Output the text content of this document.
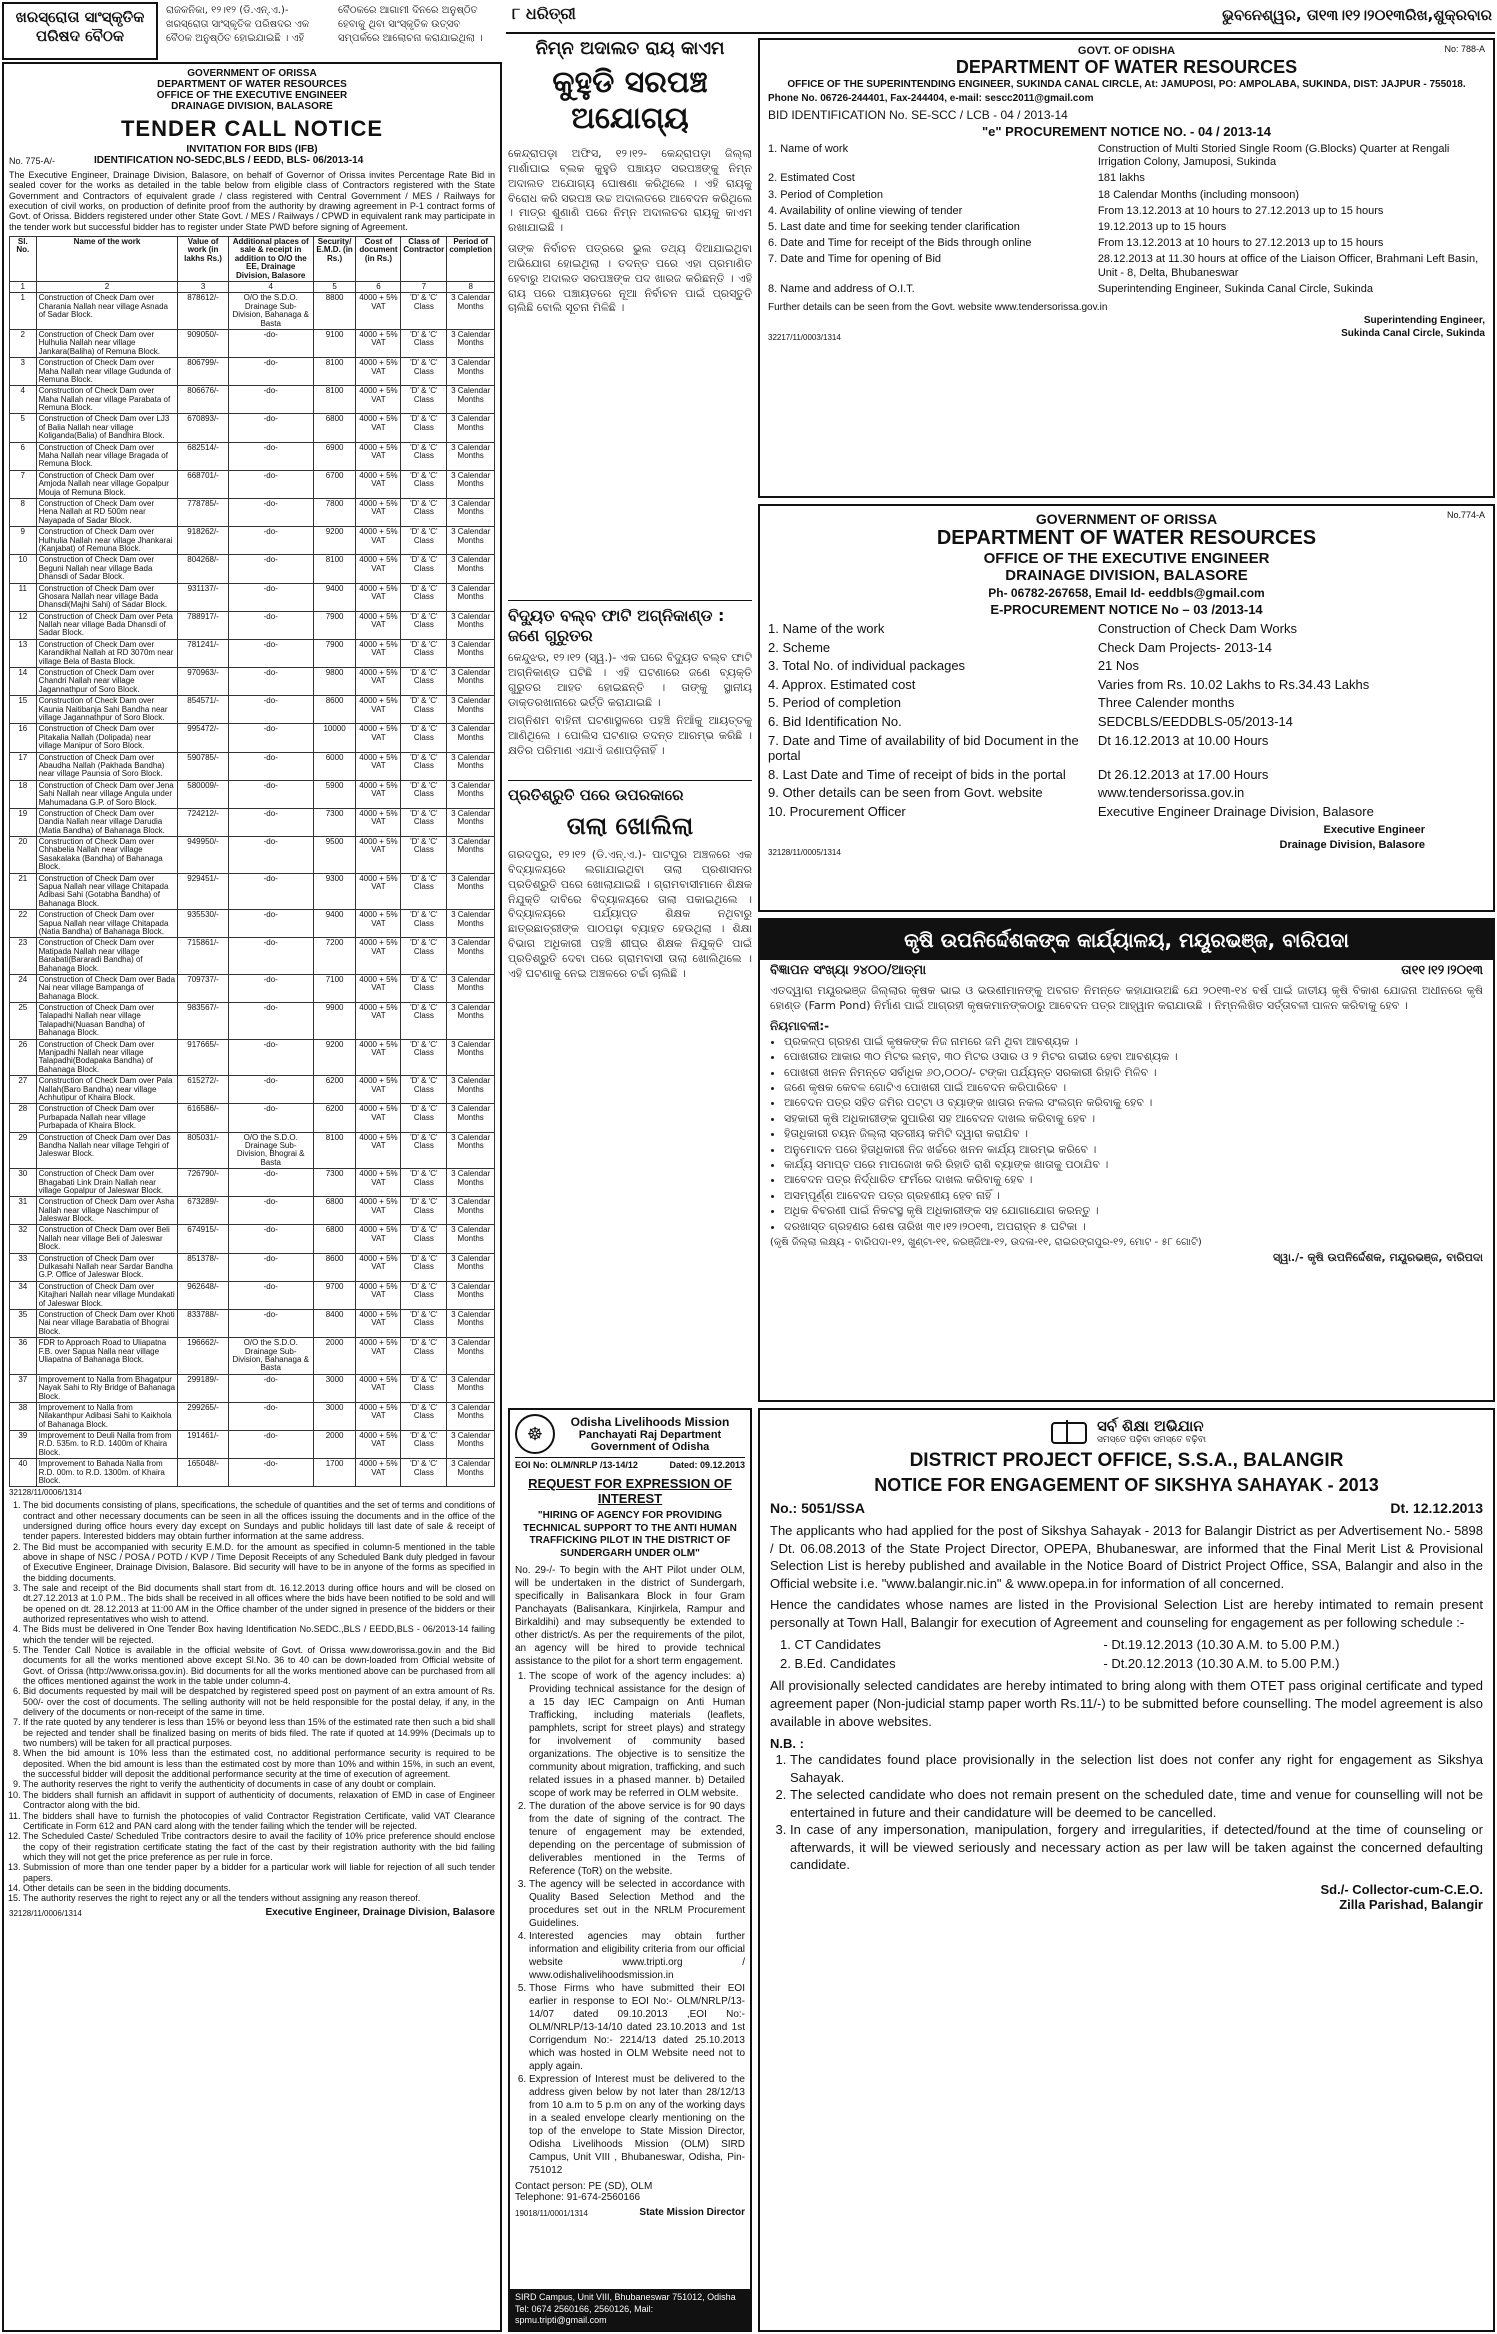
ଖରସ୍ରୋତା ସାଂସ୍କୃତିକ ପରିଷଦ ବୈଠକ
ରାଜକନିକା, ୧୨।୧୨ (ଡି.ଏନ୍.ଏ.)- ଖରସ୍ରୋତା ସାଂସ୍କୃତିକ ପରିଷଦର ଏକ ବୈଠକ ଅନୁଷ୍ଠିତ ହୋଇଯାଇଛି । ଏହି ବୈଠକରେ ଆଗାମୀ ଦିନରେ ଅନୁଷ୍ଠିତ ହେବାକୁ ଥିବା ସାଂସ୍କୃତିକ ଉତ୍ସବ ସମ୍ପର୍କରେ ଆଲୋଚନା କରାଯାଇଥିଲା ।
୮ ଧରିତ୍ରୀ	ଭୁବନେଶ୍ୱର, ତା୧୩।୧୨।୨୦୧୩ରିଖ,ଶୁକ୍ରବାର
GOVERNMENT OF ORISSA
DEPARTMENT OF WATER RESOURCES
OFFICE OF THE EXECUTIVE ENGINEER
DRAINAGE DIVISION, BALASORE
TENDER CALL NOTICE
INVITATION FOR BIDS (IFB)
No. 775-A/-	IDENTIFICATION NO-SEDC,BLS / EEDD, BLS- 06/2013-14
The Executive Engineer, Drainage Division, Balasore, on behalf of Governor of Orissa invites Percentage Rate Bid in sealed cover for the works as detailed in the table below from eligible class of Contractors registered with the State Government and Contractors of equivalent grade / class registered with Central Government / MES / Railways for execution of civil works, on production of definite proof from the authority by drawing agreement in P-1 contract forms of Govt. of Orissa. Bidders registered under other State Govt. / MES / Railways / CPWD in equivalent rank may participate in the tender work but successful bidder has to register under State PWD before signing of Agreement.
Sl. No.	Name of the work	Value of work (in lakhs Rs.)	Additional places of sale & receipt in addition to O/O the EE, Drainage Division, Balasore	Security/ E.M.D. (in Rs.)	Cost of document (in Rs.)	Class of Contractor	Period of completion
1	2	3	4	5	6	7	8
1	Construction of Check Dam over Charania Nallah near village Asnada of Sadar Block.	878612/-	O/O the S.D.O. Drainage Sub-Division, Bahanaga & Basta	8800	4000 + 5% VAT	'D' & 'C' Class	3 Calendar Months
2	Construction of Check Dam over Hulhulia Nallah near village Jankara(Baliha) of Remuna Block.	909050/-	-do-	9100	4000 + 5% VAT	'D' & 'C' Class	3 Calendar Months
3	Construction of Check Dam over Maha Nallah near village Gudunda of Remuna Block.	806799/-	-do-	8100	4000 + 5% VAT	'D' & 'C' Class	3 Calendar Months
4	Construction of Check Dam over Maha Nallah near village Parabata of Remuna Block.	806676/-	-do-	8100	4000 + 5% VAT	'D' & 'C' Class	3 Calendar Months
5	Construction of Check Dam over LJ3 of Balia Nallah near village Koliganda(Balia) of Bandhira Block.	670893/-	-do-	6800	4000 + 5% VAT	'D' & 'C' Class	3 Calendar Months
6	Construction of Check Dam over Maha Nallah near village Bragada of Remuna Block.	682514/-	-do-	6900	4000 + 5% VAT	'D' & 'C' Class	3 Calendar Months
7	Construction of Check Dam over Amjoda Nallah near village Gopalpur Mouja of Remuna Block.	668701/-	-do-	6700	4000 + 5% VAT	'D' & 'C' Class	3 Calendar Months
8	Construction of Check Dam over Hena Nallah at RD 500m near Nayapada of Sadar Block.	778785/-	-do-	7800	4000 + 5% VAT	'D' & 'C' Class	3 Calendar Months
9	Construction of Check Dam over Hulhulia Nallah near village Jhankarai (Kanjabat) of Remuna Block.	918262/-	-do-	9200	4000 + 5% VAT	'D' & 'C' Class	3 Calendar Months
10	Construction of Check Dam over Beguni Nallah near village Bada Dhansdi of Sadar Block.	804268/-	-do-	8100	4000 + 5% VAT	'D' & 'C' Class	3 Calendar Months
11	Construction of Check Dam over Ghosara Nallah near village Bada Dhansdi(Majhi Sahi) of Sadar Block.	931137/-	-do-	9400	4000 + 5% VAT	'D' & 'C' Class	3 Calendar Months
12	Construction of Check Dam over Peta Nallah near village Bada Dhansdi of Sadar Block.	788917/-	-do-	7900	4000 + 5% VAT	'D' & 'C' Class	3 Calendar Months
13	Construction of Check Dam over Karandikhal Nallah at RD 3070m near village Bela of Basta Block.	781241/-	-do-	7900	4000 + 5% VAT	'D' & 'C' Class	3 Calendar Months
14	Construction of Check Dam over Chandri Nallah near village Jagannathpur of Soro Block.	970963/-	-do-	9800	4000 + 5% VAT	'D' & 'C' Class	3 Calendar Months
15	Construction of Check Dam over Kaunia Naitibanja Sahi Bandha near village Jagannathpur of Soro Block.	854571/-	-do-	8600	4000 + 5% VAT	'D' & 'C' Class	3 Calendar Months
16	Construction of Check Dam over Pitakalia Nallah (Dolipada) near village Manipur of Soro Block.	995472/-	-do-	10000	4000 + 5% VAT	'D' & 'C' Class	3 Calendar Months
17	Construction of Check Dam over Abaudha Nallah (Pakhada Bandha) near village Paunsia of Soro Block.	590785/-	-do-	6000	4000 + 5% VAT	'D' & 'C' Class	3 Calendar Months
18	Construction of Check Dam over Jena Sahi Nallah near village Angula under Mahumadana G.P. of Soro Block.	580009/-	-do-	5900	4000 + 5% VAT	'D' & 'C' Class	3 Calendar Months
19	Construction of Check Dam over Dandia Nallah near village Darudia (Matia Bandha) of Bahanaga Block.	724212/-	-do-	7300	4000 + 5% VAT	'D' & 'C' Class	3 Calendar Months
20	Construction of Check Dam over Chhabelia Nallah near village Sasakalaka (Bandha) of Bahanaga Block.	949950/-	-do-	9500	4000 + 5% VAT	'D' & 'C' Class	3 Calendar Months
21	Construction of Check Dam over Sapua Nallah near village Chitapada Adibasi Sahi (Gotabha Bandha) of Bahanaga Block.	929451/-	-do-	9300	4000 + 5% VAT	'D' & 'C' Class	3 Calendar Months
22	Construction of Check Dam over Sapua Nallah near village Chitapada (Natia Bandha) of Bahanaga Block.	935530/-	-do-	9400	4000 + 5% VAT	'D' & 'C' Class	3 Calendar Months
23	Construction of Check Dam over Matipada Nallah near village Barabati(Bararadi Bandha) of Bahanaga Block.	715861/-	-do-	7200	4000 + 5% VAT	'D' & 'C' Class	3 Calendar Months
24	Construction of Check Dam over Bada Nai near village Bampanga of Bahanaga Block.	709737/-	-do-	7100	4000 + 5% VAT	'D' & 'C' Class	3 Calendar Months
25	Construction of Check Dam over Talapadhi Nallah near village Talapadhi(Nuasan Bandha) of Bahanaga Block.	983567/-	-do-	9900	4000 + 5% VAT	'D' & 'C' Class	3 Calendar Months
26	Construction of Check Dam over Manjpadhi Nallah near village Talapadhi(Bodapaka Bandha) of Bahanaga Block.	917665/-	-do-	9200	4000 + 5% VAT	'D' & 'C' Class	3 Calendar Months
27	Construction of Check Dam over Pala Nallah(Baro Bandha) near village Achhutipur of Khaira Block.	615272/-	-do-	6200	4000 + 5% VAT	'D' & 'C' Class	3 Calendar Months
28	Construction of Check Dam over Purbapada Nallah near village Purbapada of Khaira Block.	616586/-	-do-	6200	4000 + 5% VAT	'D' & 'C' Class	3 Calendar Months
29	Construction of Check Dam over Das Bandha Nallah near village Tehgiri of Jaleswar Block.	805031/-	O/O the S.D.O. Drainage Sub-Division, Bhograi & Basta	8100	4000 + 5% VAT	'D' & 'C' Class	3 Calendar Months
30	Construction of Check Dam over Bhagabati Link Drain Nallah near village Gopalpur of Jaleswar Block.	726790/-	-do-	7300	4000 + 5% VAT	'D' & 'C' Class	3 Calendar Months
31	Construction of Check Dam over Asha Nallah near village Naschimpur of Jaleswar Block.	673289/-	-do-	6800	4000 + 5% VAT	'D' & 'C' Class	3 Calendar Months
32	Construction of Check Dam over Beli Nallah near village Beli of Jaleswar Block.	674915/-	-do-	6800	4000 + 5% VAT	'D' & 'C' Class	3 Calendar Months
33	Construction of Check Dam over Dulkasahi Nallah near Sardar Bandha G.P. Office of Jaleswar Block.	851378/-	-do-	8600	4000 + 5% VAT	'D' & 'C' Class	3 Calendar Months
34	Construction of Check Dam over Kitajhari Nallah near village Mundakati of Jaleswar Block.	962648/-	-do-	9700	4000 + 5% VAT	'D' & 'C' Class	3 Calendar Months
35	Construction of Check Dam over Khoti Nai near village Barabatia of Bhograi Block.	833788/-	-do-	8400	4000 + 5% VAT	'D' & 'C' Class	3 Calendar Months
36	FDR to Approach Road to Uliapatna F.B. over Sapua Nalla near village Uliapatna of Bahanaga Block.	196662/-	O/O the S.D.O. Drainage Sub-Division, Bahanaga & Basta	2000	4000 + 5% VAT	'D' & 'C' Class	3 Calendar Months
37	Improvement to Nalla from Bhagatpur Nayak Sahi to Rly Bridge of Bahanaga Block.	299189/-	-do-	3000	4000 + 5% VAT	'D' & 'C' Class	3 Calendar Months
38	Improvement to Nalla from Nilakanthpur Adibasi Sahi to Kaikhola of Bahanaga Block.	299265/-	-do-	3000	4000 + 5% VAT	'D' & 'C' Class	3 Calendar Months
39	Improvement to Deuli Nalla from from R.D. 535m. to R.D. 1400m of Khaira Block.	191461/-	-do-	2000	4000 + 5% VAT	'D' & 'C' Class	3 Calendar Months
40	Improvement to Bahada Nalla from R.D. 00m. to R.D. 1300m. of Khaira Block.	165048/-	-do-	1700	4000 + 5% VAT	'D' & 'C' Class	3 Calendar Months
32128/11/0006/1314
1. The bid documents consisting of plans, specifications, the schedule of quantities and the set of terms and conditions of contract and other necessary documents can be seen in all the offices issuing the documents and in the office of the undersigned during office hours every day except on Sundays and public holidays till last date of sale & receipt of tender papers. Interested bidders may obtain further information at the same address.
2. The Bid must be accompanied with security E.M.D. for the amount as specified in column-5 mentioned in the table above in shape of NSC / POSA / POTD / KVP / Time Deposit Receipts of any Scheduled Bank duly pledged in favour of Executive Engineer, Drainage Division, Balasore. Bid security will have to be in anyone of the forms as specified in the bidding documents.
3. The sale and receipt of the Bid documents shall start from dt. 16.12.2013 during office hours and will be closed on dt.27.12.2013 at 1.0 P.M.. The bids shall be received in all offices where the bids have been notified to be sold and will be opened on dt. 28.12.2013 at 11:00 AM in the Office chamber of the under signed in presence of the bidders or their authorized representatives who wish to attend.
4. The Bids must be delivered in One Tender Box having Identification No.SEDC.,BLS / EEDD,BLS - 06/2013-14 failing which the tender will be rejected.
5. The Tender Call Notice is available in the official website of Govt. of Orissa www.dowrorissa.gov.in and the Bid documents for all the works mentioned above except Sl.No. 36 to 40 can be down-loaded from Official website of Govt. of Orissa (http://www.orissa.gov.in). Bid documents for all the works mentioned above can be purchased from all the offices mentioned against the work in the table under column-4.
6. Bid documents requested by mail will be despatched by registered speed post on payment of an extra amount of Rs. 500/- over the cost of documents. The selling authority will not be held responsible for the postal delay, if any, in the delivery of the documents or non-receipt of the same in time.
7. If the rate quoted by any tenderer is less than 15% or beyond less than 15% of the estimated rate then such a bid shall be rejected and tender shall be finalized basing on merits of bids filed. The rate if quoted at 14.99% (Decimals up to two numbers) will be taken for all practical purposes.
8. When the bid amount is 10% less than the estimated cost, no additional performance security is required to be deposited. When the bid amount is less than the estimated cost by more than 10% and within 15%, in such an event, the successful bidder will deposit the additional performance security at the time of execution of agreement.
9. The authority reserves the right to verify the authenticity of documents in case of any doubt or complain.
10. The bidders shall furnish an affidavit in support of authenticity of documents, relaxation of EMD in case of Engineer Contractor along with the bid.
11. The bidders shall have to furnish the photocopies of valid Contractor Registration Certificate, valid VAT Clearance Certificate in Form 612 and PAN card along with the tender failing which the tender will be rejected.
12. The Scheduled Caste/ Scheduled Tribe contractors desire to avail the facility of 10% price preference should enclose the copy of their registration certificate stating the fact of the cast by their registration authority with the bid failing which they will not get the price preference as per rule in force.
13. Submission of more than one tender paper by a bidder for a particular work will liable for rejection of all such tender papers.
14. Other details can be seen in the bidding documents.
15. The authority reserves the right to reject any or all the tenders without assigning any reason thereof.
32128/11/0006/1314	Executive Engineer, Drainage Division, Balasore
ନିମ୍ନ ଅଦାଲତ ରାୟ କାଏମ
କୁହୁଡି ସରପଞ୍ଚ ଅଯୋଗ୍ୟ
କେନ୍ଦ୍ରାପଡ଼ା ଅଫିସ, ୧୨।୧୨- କେନ୍ଦ୍ରାପଡ଼ା ଜିଲ୍ଲା ମାର୍ଶାଘାଇ ବ୍ଲକ କୁହୁଡି ପଞ୍ଚାୟତ ସରପଞ୍ଚଙ୍କୁ ନିମ୍ନ ଅଦାଲତ ଅଯୋଗ୍ୟ ଘୋଷଣା କରିଥିଲେ । ଏହି ରାୟକୁ ବିରୋଧ କରି ସରପଞ୍ଚ ଉଚ୍ଚ ଅଦାଲତରେ ଆବେଦନ କରିଥିଲେ । ମାତ୍ର ଶୁଣାଣି ପରେ ନିମ୍ନ ଅଦାଲତର ରାୟକୁ କାଏମ ରଖାଯାଇଛି ।
ତାଙ୍କ ନିର୍ବାଚନ ପତ୍ରରେ ଭୁଲ ତଥ୍ୟ ଦିଆଯାଇଥିବା ଅଭିଯୋଗ ହୋଇଥିଲା । ତଦନ୍ତ ପରେ ଏହା ପ୍ରମାଣିତ ହେବାରୁ ଅଦାଲତ ସରପଞ୍ଚଙ୍କ ପଦ ଖାରଜ କରିଛନ୍ତି । ଏହି ରାୟ ପରେ ପଞ୍ଚାୟତରେ ନୂଆ ନିର୍ବାଚନ ପାଇଁ ପ୍ରସ୍ତୁତି ଚାଲିଛି ବୋଲି ସୂଚନା ମିଳିଛି ।
ବିଦ୍ୟୁତ ବଲ୍ବ ଫାଟି ଅଗ୍ନିକାଣ୍ଡ : ଜଣେ ଗୁରୁତର
କେନ୍ଦୁଝର, ୧୨।୧୨ (ସ୍ୱ.)- ଏକ ଘରେ ବିଦ୍ୟୁତ ବଲ୍ବ ଫାଟି ଅଗ୍ନିକାଣ୍ଡ ଘଟିଛି । ଏହି ଘଟଣାରେ ଜଣେ ବ୍ୟକ୍ତି ଗୁରୁତର ଆହତ ହୋଇଛନ୍ତି । ତାଙ୍କୁ ସ୍ଥାନୀୟ ଡାକ୍ତରଖାନାରେ ଭର୍ତ୍ତି କରାଯାଇଛି ।
ଅଗ୍ନିଶମ ବାହିନୀ ଘଟଣାସ୍ଥଳରେ ପହଞ୍ଚି ନିଆଁକୁ ଆୟତ୍ତକୁ ଆଣିଥିଲେ । ପୋଲିସ ଘଟଣାର ତଦନ୍ତ ଆରମ୍ଭ କରିଛି । କ୍ଷତିର ପରିମାଣ ଏଯାଏଁ ଜଣାପଡ଼ିନାହିଁ ।
ପ୍ରତିଶ୍ରୁତି ପରେ ଉପରକାରେ
ତାଲା ଖୋଲିଲା
ଗରଦପୁର, ୧୨।୧୨ (ଡି.ଏନ୍.ଏ.)- ପାଟପୁର ଅଞ୍ଚଳରେ ଏକ ବିଦ୍ୟାଳୟରେ ଲଗାଯାଇଥିବା ତାଲା ପ୍ରଶାସନର ପ୍ରତିଶ୍ରୁତି ପରେ ଖୋଲାଯାଇଛି । ଗ୍ରାମବାସୀମାନେ ଶିକ୍ଷକ ନିଯୁକ୍ତି ଦାବିରେ ବିଦ୍ୟାଳୟରେ ତାଲା ପକାଇଥିଲେ । ବିଦ୍ୟାଳୟରେ ପର୍ଯ୍ୟାପ୍ତ ଶିକ୍ଷକ ନଥିବାରୁ ଛାତ୍ରଛାତ୍ରୀଙ୍କ ପାଠପଢ଼ା ବ୍ୟାହତ ହେଉଥିଲା । ଶିକ୍ଷା ବିଭାଗ ଅଧିକାରୀ ପହଞ୍ଚି ଶୀଘ୍ର ଶିକ୍ଷକ ନିଯୁକ୍ତି ପାଇଁ ପ୍ରତିଶ୍ରୁତି ଦେବା ପରେ ଗ୍ରାମବାସୀ ତାଲା ଖୋଲିଥିଲେ । ଏହି ଘଟଣାକୁ ନେଇ ଅଞ୍ଚଳରେ ଚର୍ଚ୍ଚା ଚାଲିଛି ।
No: 788-A
GOVT. OF ODISHA
DEPARTMENT OF WATER RESOURCES
OFFICE OF THE SUPERINTENDING ENGINEER, SUKINDA CANAL CIRCLE, At: JAMUPOSI, PO: AMPOLABA, SUKINDA, DIST: JAJPUR - 755018.
Phone No. 06726-244401, Fax-244404, e-mail: sescc2011@gmail.com
BID IDENTIFICATION No. SE-SCC / LCB - 04 / 2013-14
"e" PROCUREMENT NOTICE NO. - 04 / 2013-14
1. Name of work	Construction of Multi Storied Single Room (G.Blocks) Quarter at Rengali Irrigation Colony, Jamuposi, Sukinda
2. Estimated Cost	181 lakhs
3. Period of Completion	18 Calendar Months (including monsoon)
4. Availability of online viewing of tender	From 13.12.2013 at 10 hours to 27.12.2013 up to 15 hours
5. Last date and time for seeking tender clarification	19.12.2013 up to 15 hours
6. Date and Time for receipt of the Bids through online	From 13.12.2013 at 10 hours to 27.12.2013 up to 15 hours
7. Date and Time for opening of Bid	28.12.2013 at 11.30 hours at office of the Liaison Officer, Brahmani Left Basin, Unit - 8, Delta, Bhubaneswar
8. Name and address of O.I.T.	Superintending Engineer, Sukinda Canal Circle, Sukinda
Further details can be seen from the Govt. website www.tendersorissa.gov.in
32217/11/0003/1314
Superintending Engineer,
Sukinda Canal Circle, Sukinda
No.774-A
GOVERNMENT OF ORISSA
DEPARTMENT OF WATER RESOURCES
OFFICE OF THE EXECUTIVE ENGINEER
DRAINAGE DIVISION, BALASORE
Ph- 06782-267658, Email Id- eeddbls@gmail.com
E-PROCUREMENT NOTICE No – 03 /2013-14
1. Name of the work	Construction of Check Dam Works
2. Scheme	Check Dam Projects- 2013-14
3. Total No. of individual packages	21 Nos
4. Approx. Estimated cost	Varies from Rs. 10.02 Lakhs to Rs.34.43 Lakhs
5. Period of completion	Three Calender months
6. Bid Identification No.	SEDCBLS/EEDDBLS-05/2013-14
7. Date and Time of availability of bid Document in the portal
Dt 16.12.2013 at 10.00 Hours
8. Last Date and Time of receipt of bids in the portal	Dt 26.12.2013 at 17.00 Hours
9. Other details can be seen from Govt. website	www.tendersorissa.gov.in
10. Procurement Officer	Executive Engineer Drainage Division, Balasore
32128/11/0005/1314
Executive Engineer
Drainage Division, Balasore
କୃଷି ଉପନିର୍ଦ୍ଦେଶକଙ୍କ କାର୍ଯ୍ୟାଳୟ, ମୟୂରଭଞ୍ଜ, ବାରିପଦା
ବିଜ୍ଞାପନ ସଂଖ୍ୟା ୨୪୦୦/ଆତ୍ମା	ତା୧୧।୧୨।୨୦୧୩
ଏତଦ୍ୱାରା ମୟୂରଭଞ୍ଜ ଜିଲ୍ଲାର କୃଷକ ଭାଇ ଓ ଭଉଣୀମାନଙ୍କୁ ଅବଗତ ନିମନ୍ତେ କହାଯାଉଅଛି ଯେ ୨୦୧୩-୧୪ ବର୍ଷ ପାଇଁ ଜାତୀୟ କୃଷି ବିକାଶ ଯୋଜନା ଅଧୀନରେ କୃଷି ହୋଣ୍ଡ (Farm Pond) ନିର୍ମାଣ ପାଇଁ ଆଗ୍ରହୀ କୃଷକମାନଙ୍କଠାରୁ ଆବେଦନ ପତ୍ର ଆହ୍ୱାନ କରାଯାଉଛି । ନିମ୍ନଲିଖିତ ସର୍ତ୍ତାବଳୀ ପାଳନ କରିବାକୁ ହେବ ।
ନିୟମାବଳୀ:-
• ପ୍ରକଳ୍ପ ଗ୍ରହଣ ପାଇଁ କୃଷକଙ୍କ ନିଜ ନାମରେ ଜମି ଥିବା ଆବଶ୍ୟକ ।
• ପୋଖରୀର ଆକାର ୩୦ ମିଟର ଲମ୍ବ, ୩୦ ମିଟର ଓସାର ଓ ୨ ମିଟର ଗଭୀର ହେବା ଆବଶ୍ୟକ ।
• ପୋଖରୀ ଖନନ ନିମନ୍ତେ ସର୍ବାଧିକ ୬୦,୦୦୦/- ଟଙ୍କା ପର୍ଯ୍ୟନ୍ତ ସରକାରୀ ରିହାତି ମିଳିବ ।
• ଜଣେ କୃଷକ କେବଳ ଗୋଟିଏ ପୋଖରୀ ପାଇଁ ଆବେଦନ କରିପାରିବେ ।
• ଆବେଦନ ପତ୍ର ସହିତ ଜମିର ପଟ୍ଟା ଓ ବ୍ୟାଙ୍କ ଖାତାର ନକଲ ସଂଲଗ୍ନ କରିବାକୁ ହେବ ।
• ସହକାରୀ କୃଷି ଅଧିକାରୀଙ୍କ ସୁପାରିଶ ସହ ଆବେଦନ ଦାଖଲ କରିବାକୁ ହେବ ।
• ହିତାଧିକାରୀ ଚୟନ ଜିଲ୍ଲା ସ୍ତରୀୟ କମିଟି ଦ୍ୱାରା କରାଯିବ ।
• ଅନୁମୋଦନ ପରେ ହିତାଧିକାରୀ ନିଜ ଖର୍ଚ୍ଚରେ ଖନନ କାର୍ଯ୍ୟ ଆରମ୍ଭ କରିବେ ।
• କାର୍ଯ୍ୟ ସମାପ୍ତ ପରେ ମାପଜୋଖ କରି ରିହାତି ରାଶି ବ୍ୟାଙ୍କ ଖାତାକୁ ପଠାଯିବ ।
• ଆବେଦନ ପତ୍ର ନିର୍ଦ୍ଧାରିତ ଫର୍ମରେ ଦାଖଲ କରିବାକୁ ହେବ ।
• ଅସମ୍ପୂର୍ଣ୍ଣ ଆବେଦନ ପତ୍ର ଗ୍ରହଣୀୟ ହେବ ନାହିଁ ।
• ଅଧିକ ବିବରଣୀ ପାଇଁ ନିକଟସ୍ଥ କୃଷି ଅଧିକାରୀଙ୍କ ସହ ଯୋଗାଯୋଗ କରନ୍ତୁ ।
• ଦରଖାସ୍ତ ଗ୍ରହଣର ଶେଷ ତାରିଖ ୩୧।୧୨।୨୦୧୩, ଅପରାହ୍ନ ୫ ଘଟିକା ।
(କୃଷି ଜିଲ୍ଲା ଲକ୍ଷ୍ୟ - ବାରିପଦା-୧୨, ଖୁଣ୍ଟା-୧୧, କରଞ୍ଜିଆ-୧୨, ଉଦଳା-୧୧, ରାଇରଙ୍ଗପୁର-୧୨, ମୋଟ - ୫୮ ଗୋଟି)
ସ୍ୱା./- କୃଷି ଉପନିର୍ଦ୍ଦେଶକ, ମୟୂରଭଞ୍ଜ, ବାରିପଦା
☸
Odisha Livelihoods Mission
Panchayati Raj Department
Government of Odisha
EOI No: OLM/NRLP /13-14/12	Dated: 09.12.2013
REQUEST FOR EXPRESSION OF INTEREST
"HIRING OF AGENCY FOR PROVIDING TECHNICAL SUPPORT TO THE ANTI HUMAN TRAFFICKING PILOT IN THE DISTRICT OF SUNDERGARH UNDER OLM"
No. 29-/- To begin with the AHT Pilot under OLM, will be undertaken in the district of Sundergarh, specifically in Balisankara Block in four Gram Panchayats (Balisankara, Kinjirkela, Rampur and Birkaldihi) and may subsequently be extended to other district/s. As per the requirements of the pilot, an agency will be hired to provide technical assistance to the pilot for a short term engagement.
1. The scope of work of the agency includes: a) Providing technical assistance for the design of a 15 day IEC Campaign on Anti Human Trafficking, including materials (leaflets, pamphlets, script for street plays) and strategy for involvement of community based organizations. The objective is to sensitize the community about migration, trafficking, and such related issues in a phased manner. b) Detailed scope of work may be referred in OLM website.
2. The duration of the above service is for 90 days from the date of signing of the contract. The tenure of engagement may be extended, depending on the percentage of submission of deliverables mentioned in the Terms of Reference (ToR) on the website.
3. The agency will be selected in accordance with Quality Based Selection Method and the procedures set out in the NRLM Procurement Guidelines.
4. Interested agencies may obtain further information and eligibility criteria from our official website www.tripti.org / www.odishalivelihoodsmission.in
5. Those Firms who have submitted their EOI earlier in response to EOI No:- OLM/NRLP/13-14/07 dated 09.10.2013 ,EOI No:- OLM/NRLP/13-14/10 dated 23.10.2013 and 1st Corrigendum No:- 2214/13 dated 25.10.2013 which was hosted in OLM Website need not to apply again.
6. Expression of Interest must be delivered to the address given below by not later than 28/12/13 from 10 a.m to 5 p.m on any of the working days in a sealed envelope clearly mentioning on the top of the envelope to State Mission Director, Odisha Livelihoods Mission (OLM) SIRD Campus, Unit VIII , Bhubaneswar, Odisha, Pin-751012
Contact person: PE (SD), OLM
Telephone: 91-674-2560166
19018/11/0001/1314	State Mission Director
SIRD Campus, Unit VIII, Bhubaneswar 751012, Odisha Tel: 0674 2560166, 2560126, Mail: spmu.tripti@gmail.com
ସର୍ବ ଶିକ୍ଷା ଅଭିଯାନ
ସମସ୍ତେ ପଢ଼ିବା ସମସ୍ତେ ବଢ଼ିବା
DISTRICT PROJECT OFFICE, S.S.A., BALANGIR
NOTICE FOR ENGAGEMENT OF SIKSHYA SAHAYAK - 2013
No.: 5051/SSA	Dt. 12.12.2013
The applicants who had applied for the post of Sikshya Sahayak - 2013 for Balangir District as per Advertisement No.- 5898 / Dt. 06.08.2013 of the State Project Director, OPEPA, Bhubaneswar, are informed that the Final Merit List & Provisional Selection List is hereby published and available in the Notice Board of District Project Office, SSA, Balangir and also in the Official website i.e. "www.balangir.nic.in" & www.opepa.in for information of all concerned.
Hence the candidates whose names are listed in the Provisional Selection List are hereby intimated to remain present personally at Town Hall, Balangir for execution of Agreement and counseling for engagement as per following schedule :-
1. CT Candidates	- Dt.19.12.2013 (10.30 A.M. to 5.00 P.M.)
2. B.Ed. Candidates	- Dt.20.12.2013 (10.30 A.M. to 5.00 P.M.)
All provisionally selected candidates are hereby intimated to bring along with them OTET pass original certificate and typed agreement paper (Non-judicial stamp paper worth Rs.11/-) to be submitted before counselling. The model agreement is also available in above websites.
N.B. :
1. The candidates found place provisionally in the selection list does not confer any right for engagement as Sikshya Sahayak.
2. The selected candidate who does not remain present on the scheduled date, time and venue for counselling will not be entertained in future and their candidature will be deemed to be cancelled.
3. In case of any impersonation, manipulation, forgery and irregularities, if detected/found at the time of counseling or afterwards, it will be viewed seriously and necessary action as per law will be taken against the concerned defaulting candidate.
Sd./- Collector-cum-C.E.O.
Zilla Parishad, Balangir
